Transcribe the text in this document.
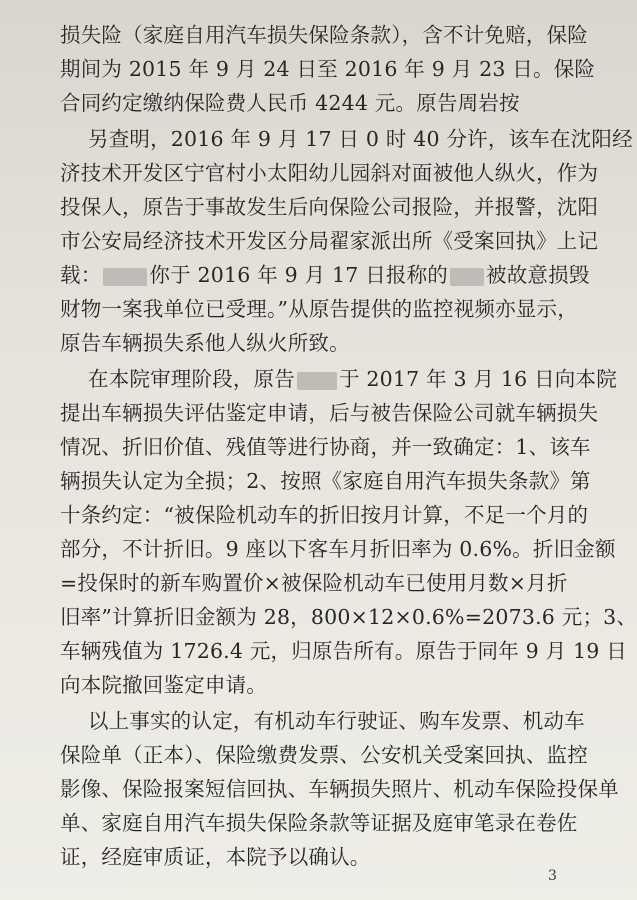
损失险（家庭自用汽车损失保险条款），含不计免赔，保险
期间为 2015 年 9 月 24 日至 2016 年 9 月 23 日。保险
合同约定缴纳保险费人民币 4244 元。原告周岩按
另查明，2016 年 9 月 17 日 0 时 40 分许，该车在沈阳经
济技术开发区宁官村小太阳幼儿园斜对面被他人纵火，作为
投保人，原告于事故发生后向保险公司报险，并报警，沈阳
市公安局经济技术开发区分局翟家派出所《受案回执》上记
载： 你于 2016 年 9 月 17 日报称的 被故意损毁
财物一案我单位已受理。”从原告提供的监控视频亦显示，
原告车辆损失系他人纵火所致。
在本院审理阶段，原告 于 2017 年 3 月 16 日向本院
提出车辆损失评估鉴定申请，后与被告保险公司就车辆损失
情况、折旧价值、残值等进行协商，并一致确定：1、该车
辆损失认定为全损；2、按照《家庭自用汽车损失条款》第
十条约定：“被保险机动车的折旧按月计算，不足一个月的
部分，不计折旧。9 座以下客车月折旧率为 0.6%。折旧金额
=投保时的新车购置价×被保险机动车已使用月数×月折
旧率”计算折旧金额为 28，800×12×0.6%=2073.6 元；3、
车辆残值为 1726.4 元，归原告所有。原告于同年 9 月 19 日
向本院撤回鉴定申请。
以上事实的认定，有机动车行驶证、购车发票、机动车
保险单（正本）、保险缴费发票、公安机关受案回执、监控
影像、保险报案短信回执、车辆损失照片、机动车保险投保单
单、家庭自用汽车损失保险条款等证据及庭审笔录在卷佐
证，经庭审质证，本院予以确认。
3
